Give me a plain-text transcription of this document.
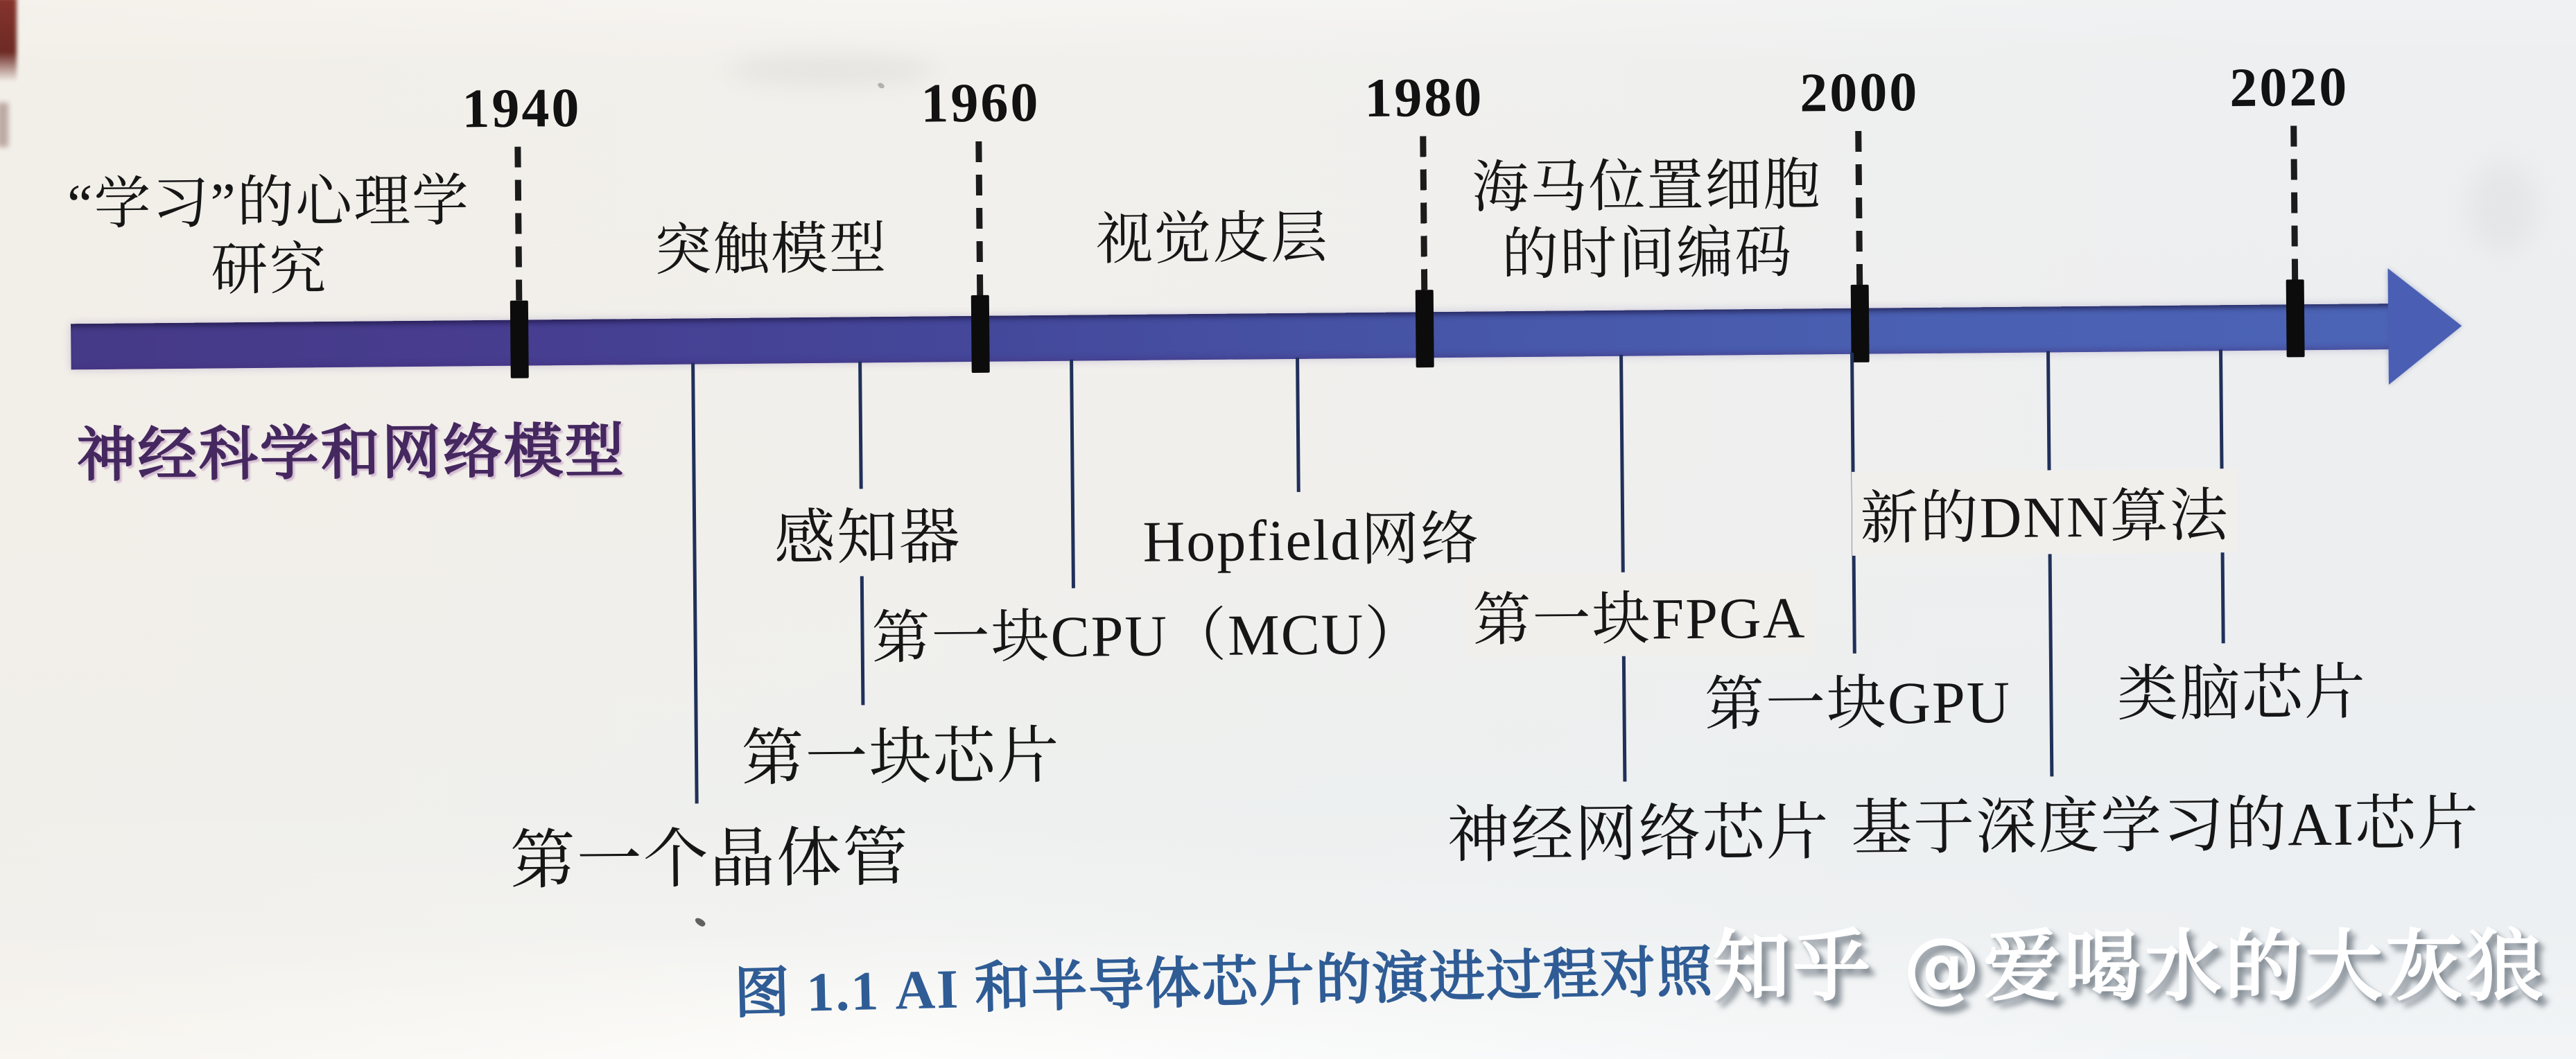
1940	1960	1980	2000	2020
“学习”的心理学
研究	突触模型	视觉皮层
海马位置细胞
的时间编码
神经科学和网络模型
感知器	Hopfield网络	新的DNN算法
第一块FPGA
第一块CPU（MCU）
类脑芯片
第一块GPU
第一块芯片
神经网络芯片 基于深度学习的AI芯片
第一个晶体管
图 1.1 AI 和半导体芯片的演进过程对照
知乎 @爱喝水的大灰狼
